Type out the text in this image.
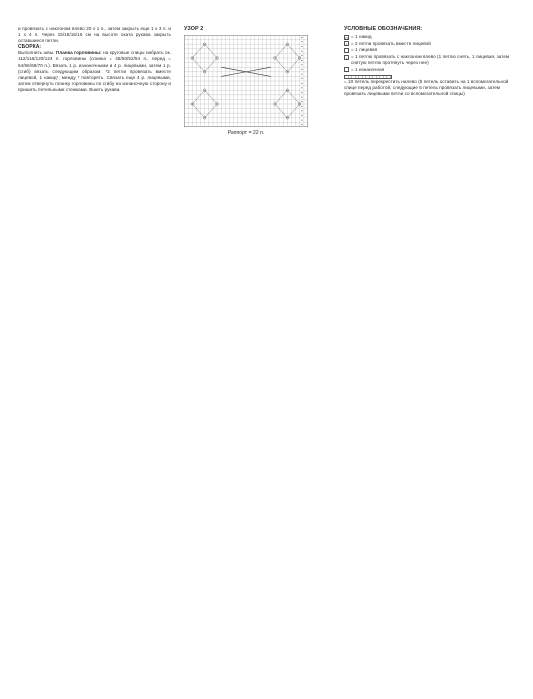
и провязать с наклоном влево 20 х 1 п., затем закрыть еще 1 х 3 п. и 1 х 4 п. Через 15/15/16/16 см на высоте оката рукава закрыть оставшиеся петли.

СБОРКА:

Выполнить швы. Планка горловины: на круговые спицы набрать ок. 112/116/120/124 п. горловины (спинка = 48/50/52/54 п., перед = 64/66/68/70 п.). Вязать 1 р. изнаночными и 4 р. лицевыми, затем 1 р. (сгиб) вязать следующим образом: *2 петли провязать вместе лицевой, 1 накид*, между * повторять. Связать еще 4 р. лицевыми, затем отвернуть планку горловины по сгибу на изнаночную сторону и пришить петельными стежками. Вшить рукава.

УЗОР 2

Раппорт = 22 п.

УСЛОВНЫЕ ОБОЗНАЧЕНИЯ:

O = 1 накид
/ = 2 петли провязать вместе лицевой
= 1 лицевая
\ = 1 петлю провязать с наклоном влево (1 петлю снять, 1 лицевая, затем снятую петлю протянуть через нее)
– = 1 изнаночная
= 10 петель перекрестить налево (5 петель оставить на 1 вспомогательной спице перед работой, следующие 5 петель провязать лицевыми, затем провязать лицевыми петли со вспомогательной спицы)
